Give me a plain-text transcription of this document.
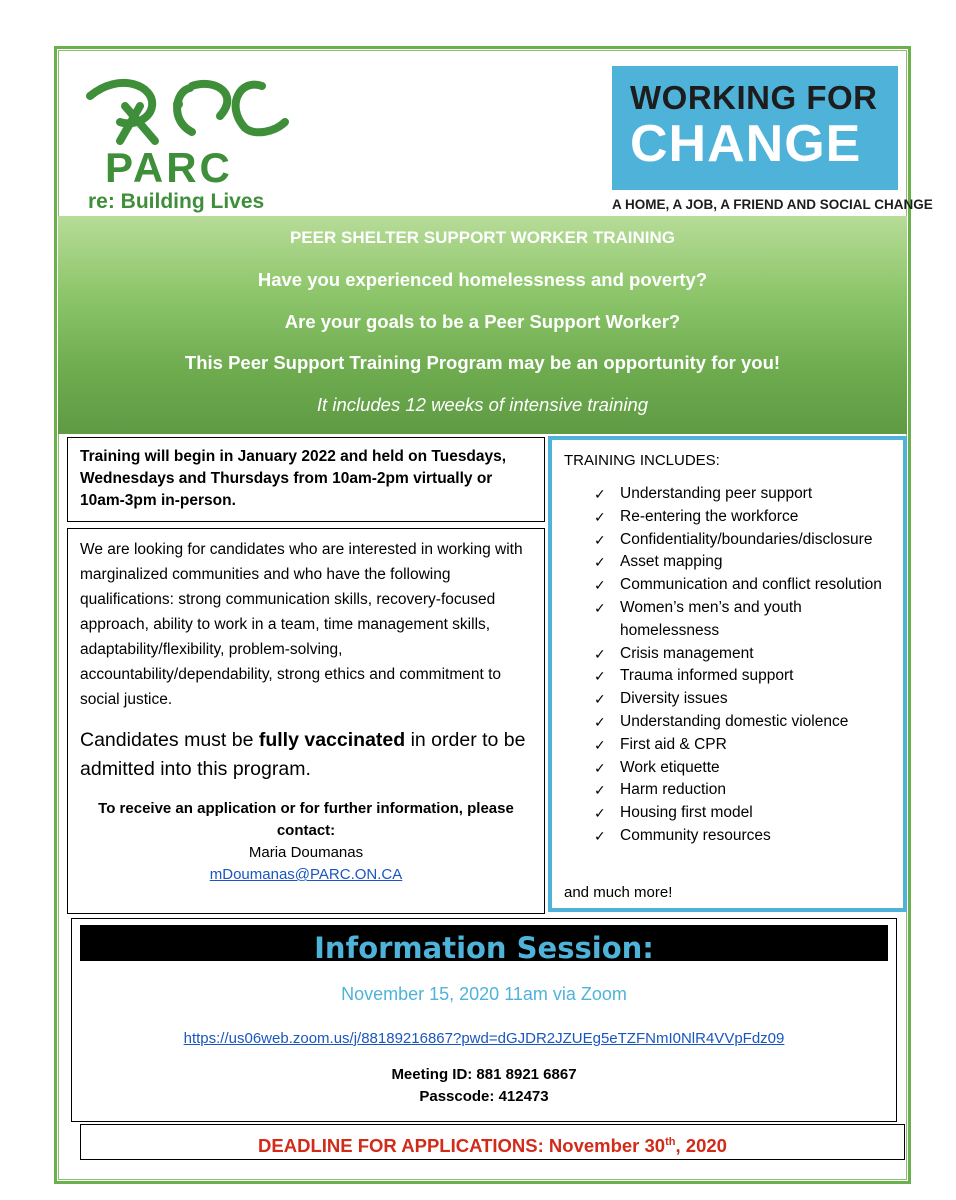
PARC
re: Building Lives
WORKING FOR
CHANGE
A HOME, A JOB, A FRIEND AND SOCIAL CHANGE
PEER SHELTER SUPPORT WORKER TRAINING
Have you experienced homelessness and poverty?
Are your goals to be a Peer Support Worker?
This Peer Support Training Program may be an opportunity for you!
It includes 12 weeks of intensive training
Training will begin in January 2022 and held on Tuesdays, Wednesdays and Thursdays from 10am-2pm virtually or 10am-3pm in-person.

We are looking for candidates who are interested in working with marginalized communities and who have the following qualifications: strong communication skills, recovery-focused approach, ability to work in a team, time management skills, adaptability/flexibility, problem-solving, accountability/dependability, strong ethics and commitment to social justice.

Candidates must be fully vaccinated in order to be admitted into this program.

To receive an application or for further information, please contact:
Maria Doumanas
mDoumanas@PARC.ON.CA
TRAINING INCLUDES:
✓ Understanding peer support
✓ Re-entering the workforce
✓ Confidentiality/boundaries/disclosure
✓ Asset mapping
✓ Communication and conflict resolution
✓ Women’s men’s and youth homelessness
✓ Crisis management
✓ Trauma informed support
✓ Diversity issues
✓ Understanding domestic violence
✓ First aid & CPR
✓ Work etiquette
✓ Harm reduction
✓ Housing first model
✓ Community resources
and much more!
Information Session:
November 15, 2020 11am via Zoom
https://us06web.zoom.us/j/88189216867?pwd=dGJDR2JZUEg5eTZFNmI0NlR4VVpFdz09
Meeting ID: 881 8921 6867
Passcode: 412473
DEADLINE FOR APPLICATIONS: November 30th, 2020
